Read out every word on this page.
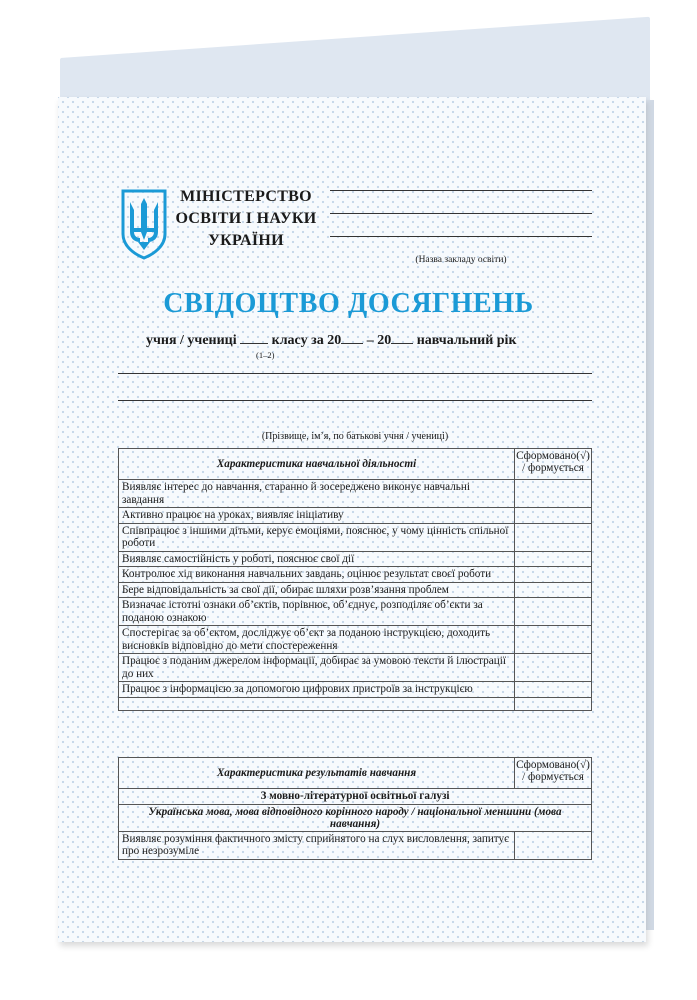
МІНІСТЕРСТВО
ОСВІТИ І НАУКИ
УКРАЇНИ
(Назва закладу освіти)
СВІДОЦТВО ДОСЯГНЕНЬ
учня / учениці	класу за 20 – 20 навчальний рік
(1–2)
(Прізвище, ім’я, по батькові учня / учениці)
Характеристика навчальної діяльності	Сформовано(√) / формується
Виявляє інтерес до навчання, старанно й зосереджено виконує навчальні завдання	
Активно працює на уроках, виявляє ініціативу	
Співпрацює з іншими дітьми, керує емоціями, пояснює, у чому цінність спільної роботи	
Виявляє самостійність у роботі, пояснює свої дії	
Контролює хід виконання навчальних завдань, оцінює результат своєї роботи	
Бере відповідальність за свої дії, обирає шляхи розв’язання проблем	
Визначає істотні ознаки об’єктів, порівнює, об’єднує, розподіляє об’єкти за поданою ознакою	
Спостерігає за об’єктом, досліджує об’єкт за поданою інструкцією, доходить висновків відповідно до мети спостереження	
Працює з поданим джерелом інформації, добирає за умовою тексти й ілюстрації до них	
Працює з інформацією за допомогою цифрових пристроїв за інструкцією	

Характеристика результатів навчання	Сформовано(√) / формується
З мовно-літературної освітньої галузі	
Українська мова, мова відповідного корінного народу / національної меншини (мова навчання)	
Виявляє розуміння фактичного змісту сприйнятого на слух висловлення, запитує про незрозуміле	
